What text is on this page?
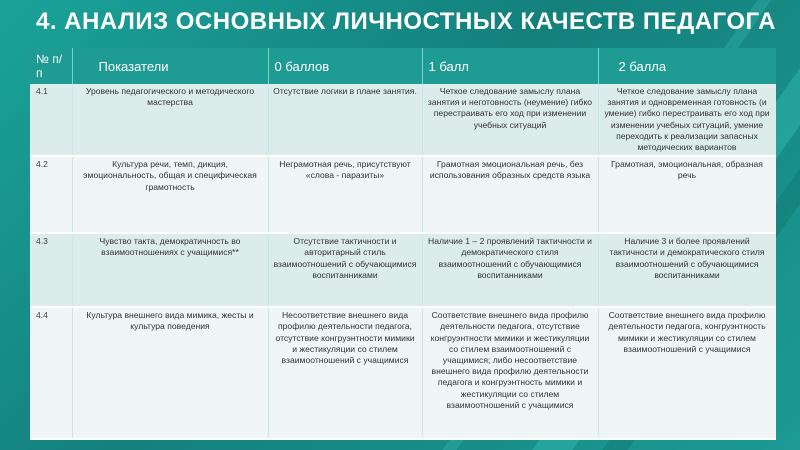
4. АНАЛИЗ ОСНОВНЫХ ЛИЧНОСТНЫХ КАЧЕСТВ ПЕДАГОГА
№ п/п	Показатели	0 баллов	1 балл	2 балла
4.1	Уровень педагогического и методического мастерства	Отсутствие логики в плане занятия.	Четкое следование замыслу плана занятия и неготовность (неумение) гибко перестраивать его ход при изменении учебных ситуаций	Четкое следование замыслу плана занятия и одновременная готовность (и умение) гибко перестраивать его ход при изменении учебных ситуаций, умение переходить к реализации запасных методических вариантов
4.2	Культура речи, темп, дикция, эмоциональность, общая и специфическая грамотность	Неграмотная речь, присутствуют «слова - паразиты»	Грамотная эмоциональная речь, без использования образных средств языка	Грамотная, эмоциональная, образная речь
4.3	Чувство такта, демократичность во взаимоотношениях с учащимися**	Отсутствие тактичности и авторитарный стиль взаимоотношений с обучающимися воспитанниками	Наличие 1 – 2 проявлений тактичности и демократического стиля взаимоотношений с обучающимися воспитанниками	Наличие 3 и более проявлений тактичности и демократического стиля взаимоотношений с обучающимися воспитанниками
4.4	Культура внешнего вида мимика, жесты и культура поведения	Несоответствие внешнего вида профилю деятельности педагога, отсутствие конгруэнтности мимики и жестикуляции со стилем взаимоотношений с учащимися	Соответствие внешнего вида профилю деятельности педагога, отсутствие конгруэнтности мимики и жестикуляции со стилем взаимоотношений с учащимися; либо несоответствие внешнего вида профилю деятельности педагога и конгруэнтность мимики и жестикуляции со стилем взаимоотношений с учащимися	Соответствие внешнего вида профилю деятельности педагога, конгруэнтность мимики и жестикуляции со стилем взаимоотношений с учащимися
